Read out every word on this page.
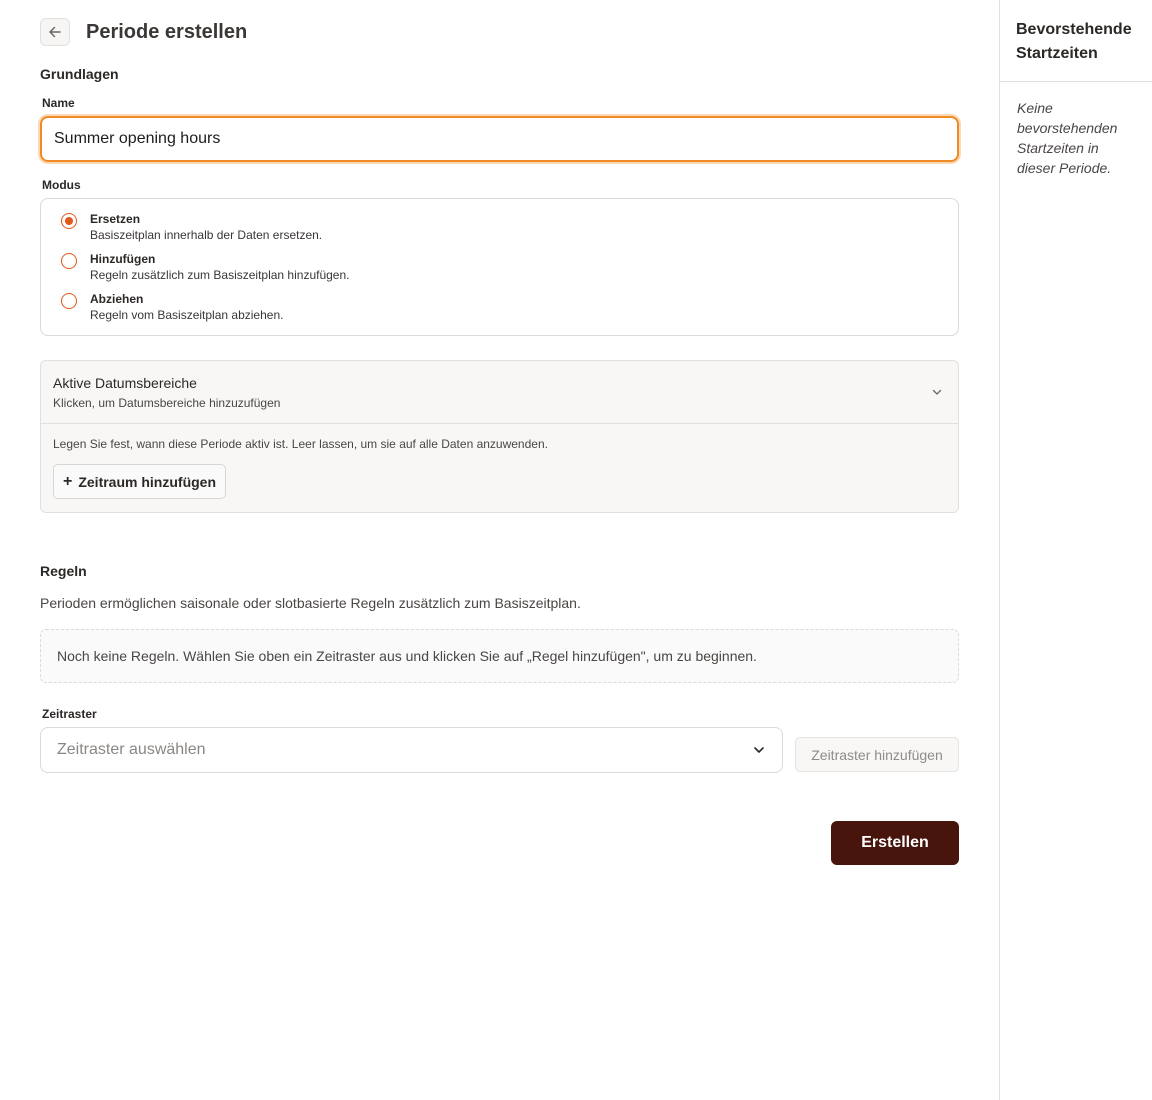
Periode erstellen
Grundlagen
Name
Summer opening hours
Modus
Ersetzen
Basiszeitplan innerhalb der Daten ersetzen.
Hinzufügen
Regeln zusätzlich zum Basiszeitplan hinzufügen.
Abziehen
Regeln vom Basiszeitplan abziehen.
Aktive Datumsbereiche
Klicken, um Datumsbereiche hinzuzufügen
Legen Sie fest, wann diese Periode aktiv ist. Leer lassen, um sie auf alle Daten anzuwenden.
+ Zeitraum hinzufügen
Regeln
Perioden ermöglichen saisonale oder slotbasierte Regeln zusätzlich zum Basiszeitplan.
Noch keine Regeln. Wählen Sie oben ein Zeitraster aus und klicken Sie auf „Regel hinzufügen", um zu beginnen.
Zeitraster
Zeitraster auswählen	Zeitraster hinzufügen
Erstellen
Bevorstehende Startzeiten
Keine bevorstehenden Startzeiten in dieser Periode.
